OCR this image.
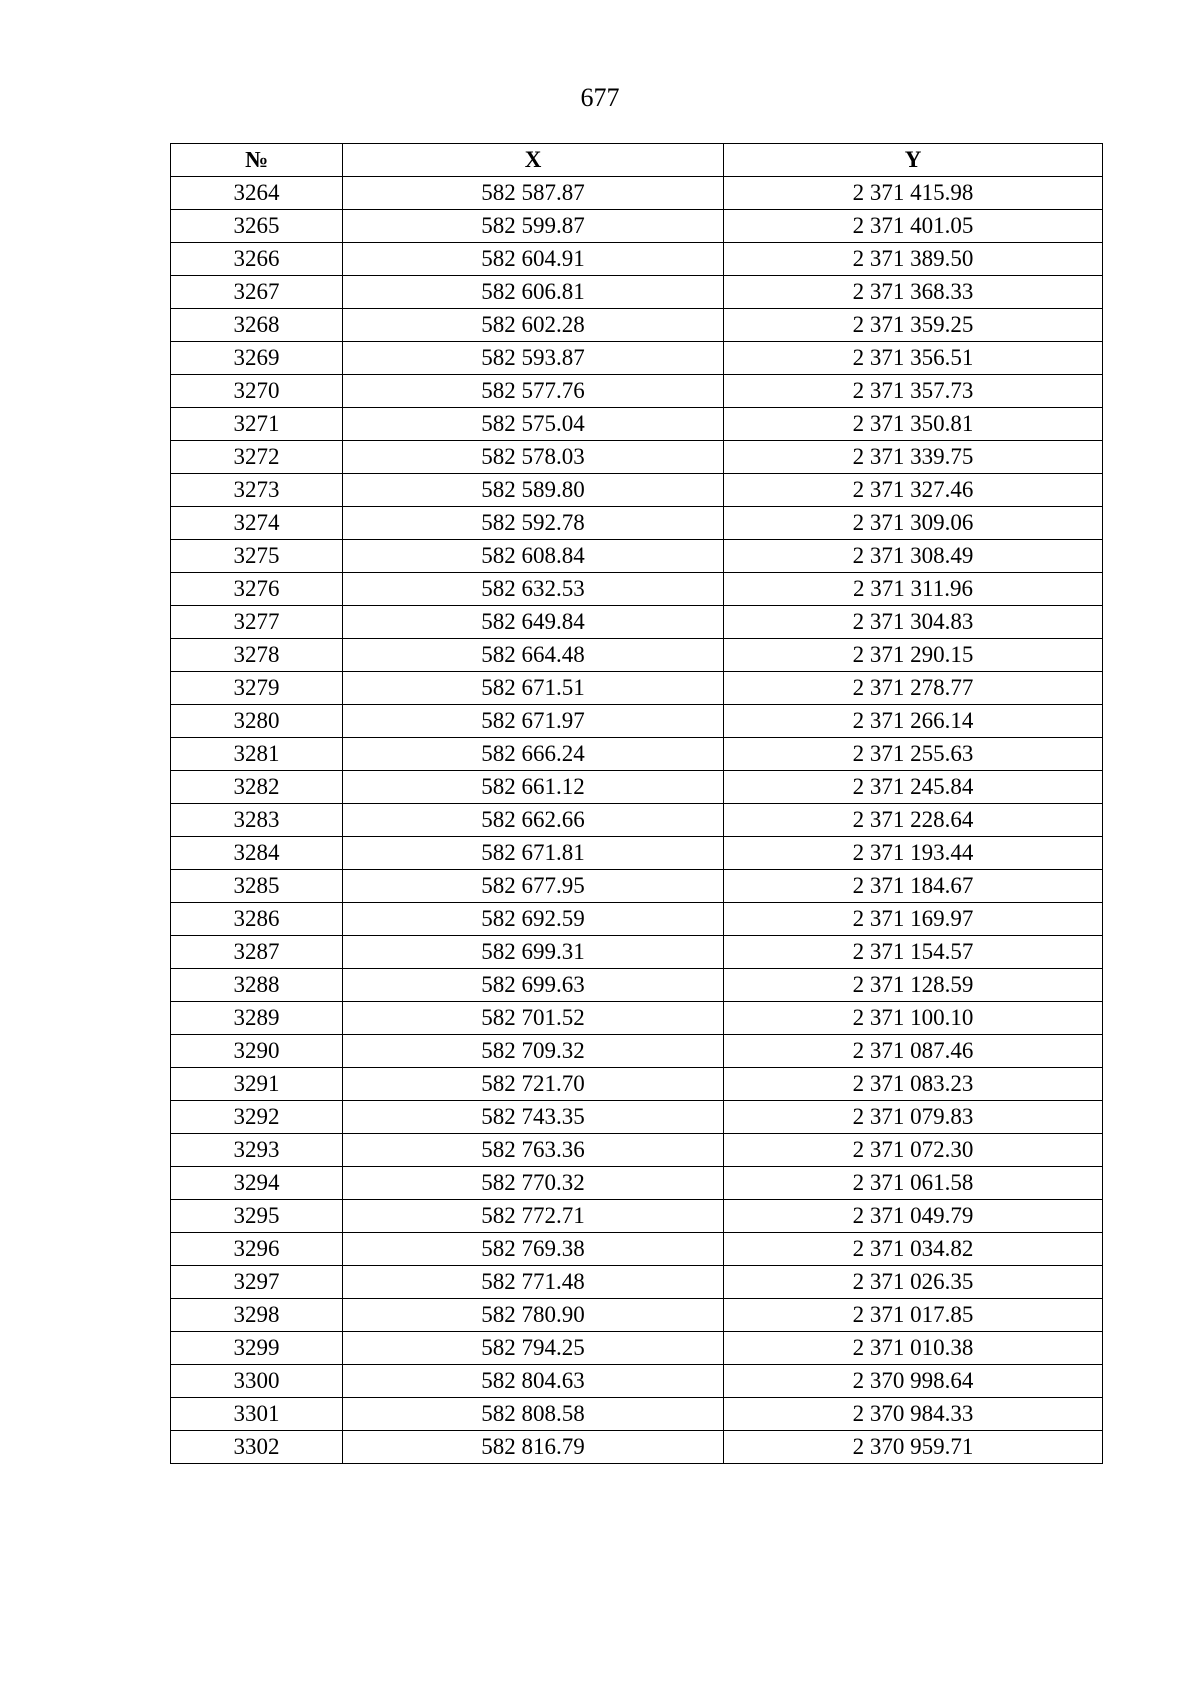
677
№	X	Y
3264	582 587.87	2 371 415.98
3265	582 599.87	2 371 401.05
3266	582 604.91	2 371 389.50
3267	582 606.81	2 371 368.33
3268	582 602.28	2 371 359.25
3269	582 593.87	2 371 356.51
3270	582 577.76	2 371 357.73
3271	582 575.04	2 371 350.81
3272	582 578.03	2 371 339.75
3273	582 589.80	2 371 327.46
3274	582 592.78	2 371 309.06
3275	582 608.84	2 371 308.49
3276	582 632.53	2 371 311.96
3277	582 649.84	2 371 304.83
3278	582 664.48	2 371 290.15
3279	582 671.51	2 371 278.77
3280	582 671.97	2 371 266.14
3281	582 666.24	2 371 255.63
3282	582 661.12	2 371 245.84
3283	582 662.66	2 371 228.64
3284	582 671.81	2 371 193.44
3285	582 677.95	2 371 184.67
3286	582 692.59	2 371 169.97
3287	582 699.31	2 371 154.57
3288	582 699.63	2 371 128.59
3289	582 701.52	2 371 100.10
3290	582 709.32	2 371 087.46
3291	582 721.70	2 371 083.23
3292	582 743.35	2 371 079.83
3293	582 763.36	2 371 072.30
3294	582 770.32	2 371 061.58
3295	582 772.71	2 371 049.79
3296	582 769.38	2 371 034.82
3297	582 771.48	2 371 026.35
3298	582 780.90	2 371 017.85
3299	582 794.25	2 371 010.38
3300	582 804.63	2 370 998.64
3301	582 808.58	2 370 984.33
3302	582 816.79	2 370 959.71
